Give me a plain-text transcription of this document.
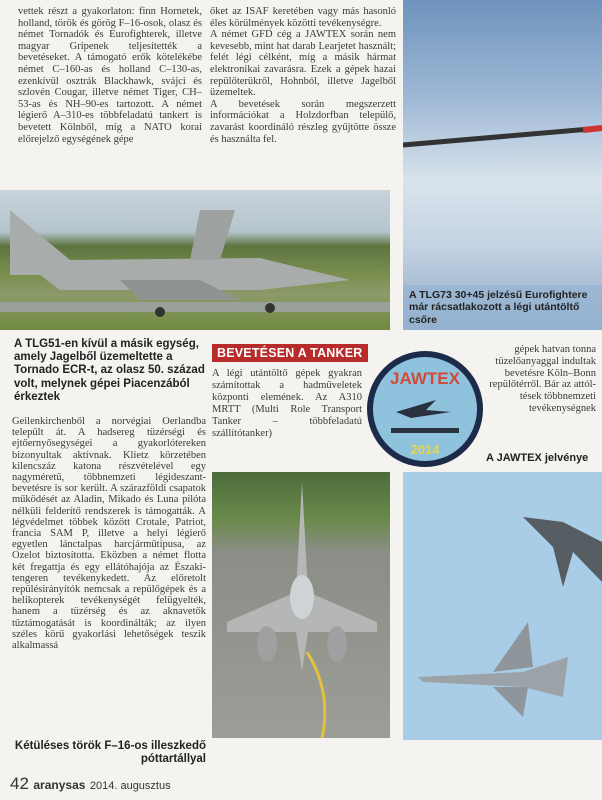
vettek részt a gyakorlaton: finn Hornetek, holland, török és görög F–16-osok, olasz és német Tornadók és Eurofighterek, illetve magyar Gripenek teljesítették a bevetéseket. A támogató erők kötelékébe német C–160-as és holland C–130-as, ezenkívül osztrák Blackhawk, svájci és szlovén Cougar, illetve német Tiger, CH–53-as és NH–90-es tartozott. A német légierő A–310-es többfeladatú tankert is bevetett Kölnből, míg a NATO korai előrejelző egységének gépe

őket az ISAF keretében vagy más hasonló éles körülmények közötti tevékenységre.

A német GFD cég a JAWTEX során nem kevesebb, mint hat darab Learjetet használt; felét légi célként, míg a másik hármat elektronikai zavarásra. Ezek a gépek hazai repülőterükről, Hohnból, illetve Jagelből üzemeltek.

A bevetések során megszerzett információkat a Holzdorfban települő, zavarást koordináló részleg gyűjtötte össze és használta fel.

A TLG73 30+45 jelzésű Eurofightere már rácsatlakozott a légi utántöltő csőre
A TLG51-en kívül a másik egység, amely Jagelből üzemeltette a Tornado ECR-t, az olasz 50. század volt, melynek gépei Piacenzából érkeztek
BEVETÉSEN A TANKER
A légi utántöltő gépek gyakran számítottak a hadműveletek központi elemének. Az A310 MRTT (Multi Role Transport Tanker – többfeladatú szállítótanker)
JAWTEX
2014
gépek hatvan tonna tüzelőanyaggal indultak bevetésre Köln–Bonn repülőtérről. Bár az attól-tések többnemzeti tevékenységnek
A JAWTEX jelvénye
Geilenkirchenből a norvégiai Oerlandba települt át. A hadsereg tüzérségi és ejtőernyősegységei a gyakorlótereken bizonyultak aktívnak. Klietz körzetében kilencszáz katona részvételével egy nagyméretű, többnemzeti légideszant-bevetésre is sor került. A szárazföldi csapatok működését az Aladin, Mikado és Luna pilóta nélküli felderítő rendszerek is támogatták. A légvédelmet többek között Crotale, Patriot, francia SAM P, illetve a helyi légierő egyetlen lánctalpas harcjárműtípusa, az Ozelot biztosította. Eközben a német flotta két fregattja és egy ellátóhajója az Északi-tengeren tevékenykedett. Az előretolt repülésirányítók nemcsak a repülőgépek és a helikopterek tevékenységét felügyelték, hanem a tüzérség és az aknavetők tűztámogatását is koordinálták; az ilyen széles körű gyakorlási lehetőségek teszik alkalmassá
Kétüléses török F–16-os illeszkedő póttartállyal
42 aranysas 2014. augusztus
